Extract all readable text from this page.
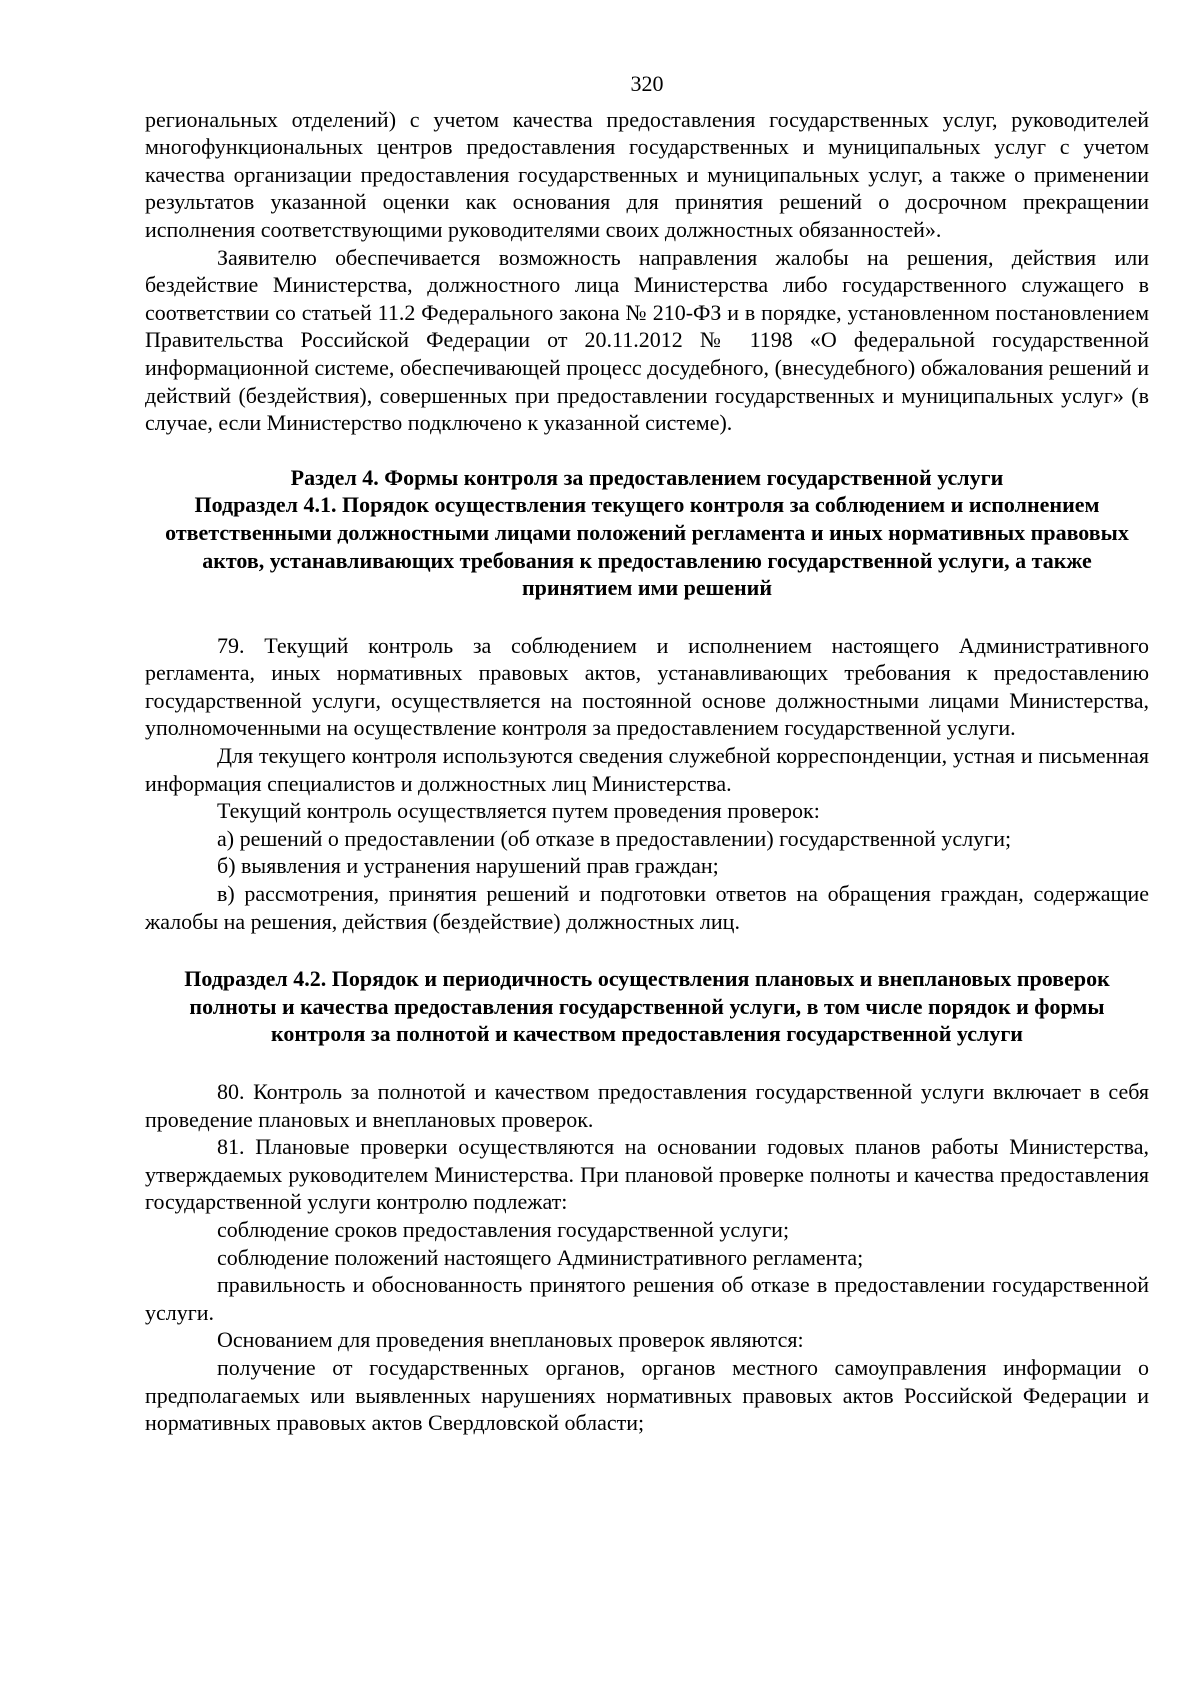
320

региональных отделений) с учетом качества предоставления государственных услуг, руководителей многофункциональных центров предоставления государственных и муниципальных услуг с учетом качества организации предоставления государственных и муниципальных услуг, а также о применении результатов указанной оценки как основания для принятия решений о досрочном прекращении исполнения соответствующими руководителями своих должностных обязанностей».

Заявителю обеспечивается возможность направления жалобы на решения, действия или бездействие Министерства, должностного лица Министерства либо государственного служащего в соответствии со статьей 11.2 Федерального закона № 210-ФЗ и в порядке, установленном постановлением Правительства Российской Федерации от 20.11.2012 № 1198 «О федеральной государственной информационной системе, обеспечивающей процесс досудебного, (внесудебного) обжалования решений и действий (бездействия), совершенных при предоставлении государственных и муниципальных услуг» (в случае, если Министерство подключено к указанной системе).

Раздел 4. Формы контроля за предоставлением государственной услуги

Подраздел 4.1. Порядок осуществления текущего контроля за соблюдением и исполнением ответственными должностными лицами положений регламента и иных нормативных правовых актов, устанавливающих требования к предоставлению государственной услуги, а также принятием ими решений

79. Текущий контроль за соблюдением и исполнением настоящего Административного регламента, иных нормативных правовых актов, устанавливающих требования к предоставлению государственной услуги, осуществляется на постоянной основе должностными лицами Министерства, уполномоченными на осуществление контроля за предоставлением государственной услуги.

Для текущего контроля используются сведения служебной корреспонденции, устная и письменная информация специалистов и должностных лиц Министерства.

Текущий контроль осуществляется путем проведения проверок:

а) решений о предоставлении (об отказе в предоставлении) государственной услуги;

б) выявления и устранения нарушений прав граждан;

в) рассмотрения, принятия решений и подготовки ответов на обращения граждан, содержащие жалобы на решения, действия (бездействие) должностных лиц.

Подраздел 4.2. Порядок и периодичность осуществления плановых и внеплановых проверок полноты и качества предоставления государственной услуги, в том числе порядок и формы контроля за полнотой и качеством предоставления государственной услуги

80. Контроль за полнотой и качеством предоставления государственной услуги включает в себя проведение плановых и внеплановых проверок.

81. Плановые проверки осуществляются на основании годовых планов работы Министерства, утверждаемых руководителем Министерства. При плановой проверке полноты и качества предоставления государственной услуги контролю подлежат:

соблюдение сроков предоставления государственной услуги;

соблюдение положений настоящего Административного регламента;

правильность и обоснованность принятого решения об отказе в предоставлении государственной услуги.

Основанием для проведения внеплановых проверок являются:

получение от государственных органов, органов местного самоуправления информации о предполагаемых или выявленных нарушениях нормативных правовых актов Российской Федерации и нормативных правовых актов Свердловской области;
